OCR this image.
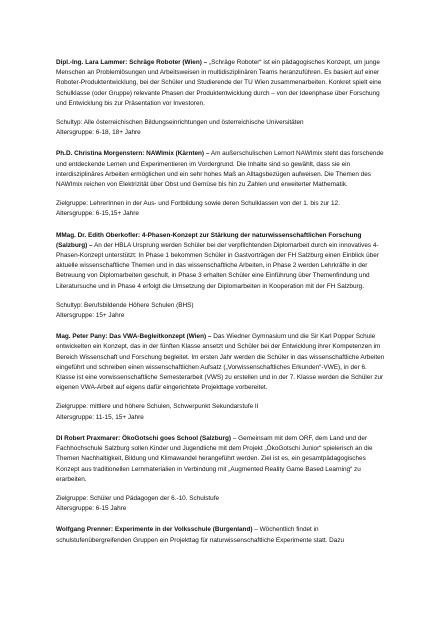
Dipl.-Ing. Lara Lammer: Schräge Roboter (Wien) – „Schräge Roboter“ ist ein pädagogisches Konzept, um junge Menschen an Problemlösungen und Arbeitsweisen in multidisziplinären Teams heranzuführen. Es basiert auf einer Roboter-Produktentwicklung, bei der Schüler und Studierende der TU Wien zusammenarbeiten. Konkret spielt eine Schulklasse (oder Gruppe) relevante Phasen der Produktentwicklung durch – von der Ideenphase über Forschung und Entwicklung bis zur Präsentation vor Investoren.

Schultyp: Alle österreichischen Bildungseinrichtungen und österreichische Universitäten

Altersgruppe: 6-18, 18+ Jahre

Ph.D. Christina Morgenstern: NAWImix (Kärnten) – Am außerschulischen Lernort NAWImix steht das forschende und entdeckende Lernen und Experimentieren im Vordergrund. Die Inhalte sind so gewählt, dass sie ein interdisziplinäres Arbeiten ermöglichen und ein sehr hohes Maß an Alltagsbezügen aufweisen. Die Themen des NAWImix reichen von Elektrizität über Obst und Gemüse bis hin zu Zahlen und erweiterter Mathematik.

Zielgruppe: LehrerInnen in der Aus- und Fortbildung sowie deren Schulklassen von der 1. bis zur 12.

Altersgruppe: 6-15,15+ Jahre

MMag. Dr. Edith Oberkofler: 4-Phasen-Konzept zur Stärkung der naturwissenschaftlichen Forschung (Salzburg) – An der HBLA Ursprung werden Schüler bei der verpflichtenden Diplomarbeit durch ein innovatives 4-Phasen-Konzept unterstützt: In Phase 1 bekommen Schüler in Gastvorträgen der FH Salzburg einen Einblick über aktuelle wissenschaftliche Themen und in das wissenschaftliche Arbeiten, in Phase 2 werden Lehrkräfte in der Betreuung von Diplomarbeiten geschult, in Phase 3 erhalten Schüler eine Einführung über Themenfindung und Literatursuche und in Phase 4 erfolgt die Umsetzung der Diplomarbeiten in Kooperation mit der FH Salzburg.

Schultyp: Berufsbildende Höhere Schulen (BHS)

Altersgruppe: 15+ Jahre

Mag. Peter Pany: Das VWA-Begleitkonzept (Wien) – Das Wiedner Gymnasium und die Sir Karl Popper Schule entwickelten ein Konzept, das in der fünften Klasse ansetzt und Schüler bei der Entwicklung ihrer Kompetenzen im Bereich Wissenschaft und Forschung begleitet. Im ersten Jahr werden die Schüler in das wissenschaftliche Arbeiten eingeführt und schreiben einen wissenschaftlichen Aufsatz („Vorwissenschaftliches Erkunden“-VWE), in der 6. Klasse ist eine vorwissenschaftliche Semesterarbeit (VWS) zu erstellen und in der 7. Klasse werden die Schüler zur eigenen VWA-Arbeit auf eigens dafür eingerichtete Projekttage vorbereitet.

Zielgruppe: mittlere und höhere Schulen, Schwerpunkt Sekundarstufe II

Altersgruppe: 11-15, 15+ Jahre

DI Robert Praxmarer: ÖkoGotschi goes School (Salzburg) – Gemeinsam mit dem ORF, dem Land und der Fachhochschule Salzburg sollen Kinder und Jugendliche mit dem Projekt „ÖkoGotschi Junior“ spielerisch an die Themen Nachhaltigkeit, Bildung und Klimawandel herangeführt werden. Ziel ist es, ein gesamtpädagogisches Konzept aus traditionellen Lernmaterialien in Verbindung mit „Augmented Reality Game Based Learning“ zu erarbeiten.

Zielgruppe: Schüler und Pädagogen der 6.-10. Schulstufe

Altersgruppe: 6-15 Jahre

Wolfgang Prenner: Experimente in der Volksschule (Burgenland) – Wöchentlich findet in schulstufenübergreifenden Gruppen ein Projekttag für naturwissenschaftliche Experimente statt. Dazu
